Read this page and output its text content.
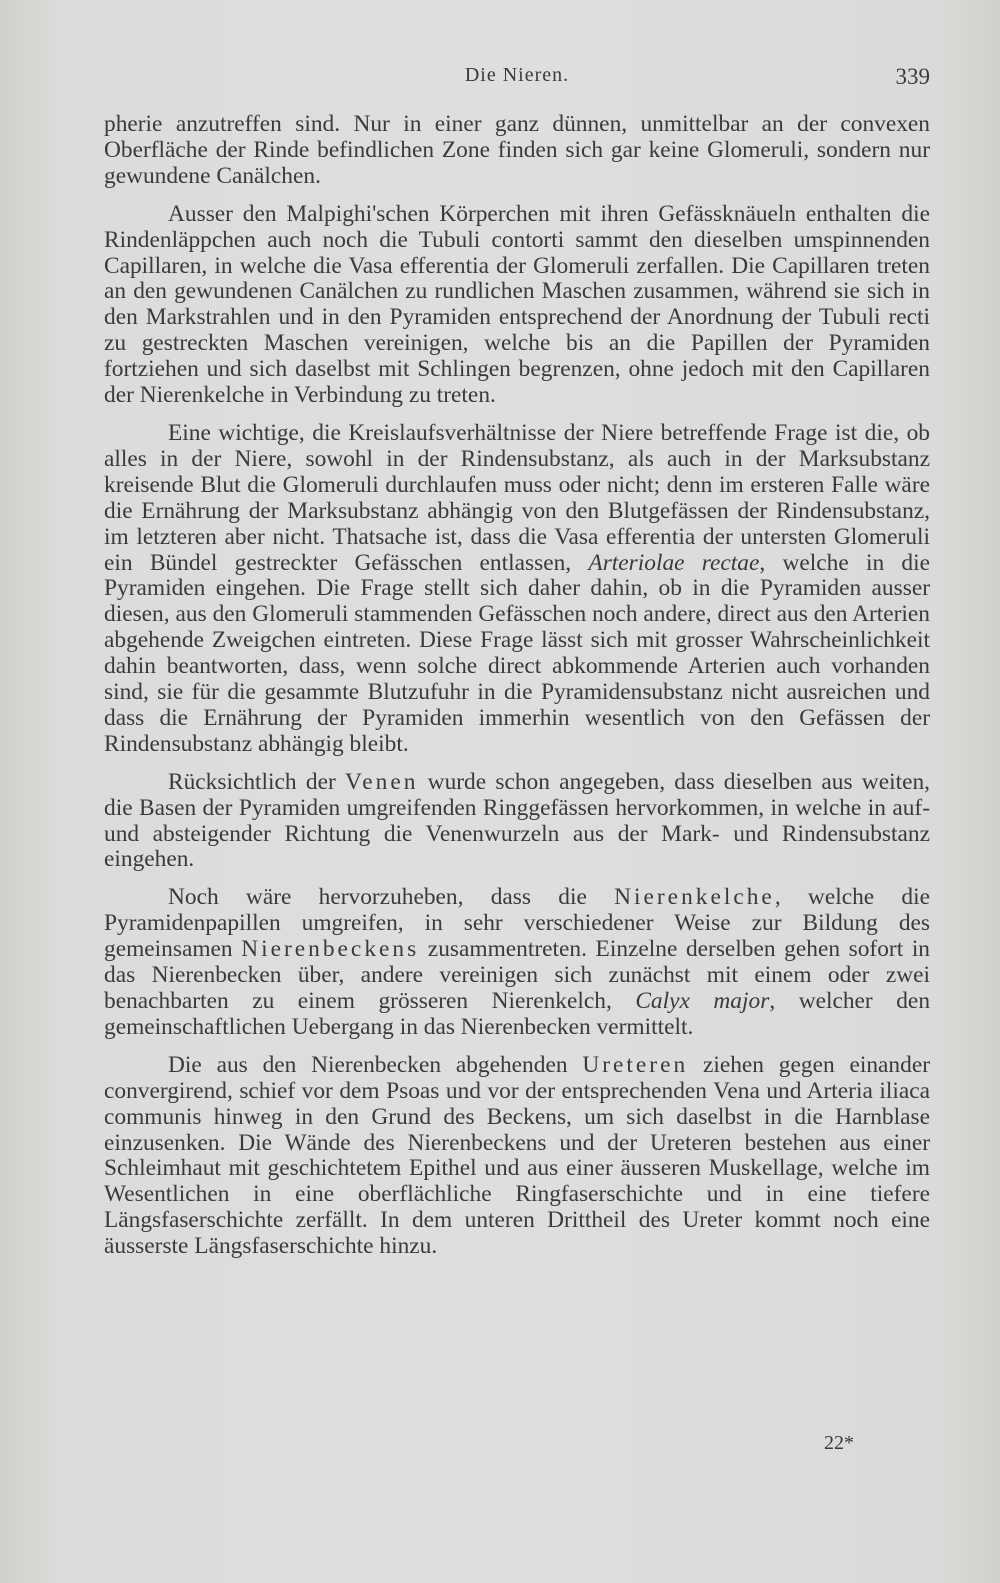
Die Nieren.	339

pherie anzutreffen sind. Nur in einer ganz dünnen, unmittelbar an der convexen Oberfläche der Rinde befindlichen Zone finden sich gar keine Glomeruli, sondern nur gewundene Canälchen.

Ausser den Malpighi'schen Körperchen mit ihren Gefässknäueln enthalten die Rindenläppchen auch noch die Tubuli contorti sammt den dieselben umspinnenden Capillaren, in welche die Vasa efferentia der Glomeruli zerfallen. Die Capillaren treten an den gewundenen Canälchen zu rundlichen Maschen zusammen, während sie sich in den Markstrahlen und in den Pyramiden entsprechend der Anordnung der Tubuli recti zu gestreckten Maschen vereinigen, welche bis an die Papillen der Pyramiden fortziehen und sich daselbst mit Schlingen begrenzen, ohne jedoch mit den Capillaren der Nierenkelche in Verbindung zu treten.

Eine wichtige, die Kreislaufsverhältnisse der Niere betreffende Frage ist die, ob alles in der Niere, sowohl in der Rindensubstanz, als auch in der Marksubstanz kreisende Blut die Glomeruli durchlaufen muss oder nicht; denn im ersteren Falle wäre die Ernährung der Marksubstanz abhängig von den Blutgefässen der Rindensubstanz, im letzteren aber nicht. Thatsache ist, dass die Vasa efferentia der untersten Glomeruli ein Bündel gestreckter Gefässchen entlassen, Arteriolae rectae, welche in die Pyramiden eingehen. Die Frage stellt sich daher dahin, ob in die Pyramiden ausser diesen, aus den Glomeruli stammenden Gefässchen noch andere, direct aus den Arterien abgehende Zweigchen eintreten. Diese Frage lässt sich mit grosser Wahrscheinlichkeit dahin beantworten, dass, wenn solche direct abkommende Arterien auch vorhanden sind, sie für die gesammte Blutzufuhr in die Pyramidensubstanz nicht ausreichen und dass die Ernährung der Pyramiden immerhin wesentlich von den Gefässen der Rindensubstanz abhängig bleibt.

Rücksichtlich der Venen wurde schon angegeben, dass dieselben aus weiten, die Basen der Pyramiden umgreifenden Ringgefässen hervorkommen, in welche in auf- und absteigender Richtung die Venenwurzeln aus der Mark- und Rindensubstanz eingehen.

Noch wäre hervorzuheben, dass die Nierenkelche, welche die Pyramidenpapillen umgreifen, in sehr verschiedener Weise zur Bildung des gemeinsamen Nierenbeckens zusammentreten. Einzelne derselben gehen sofort in das Nierenbecken über, andere vereinigen sich zunächst mit einem oder zwei benachbarten zu einem grösseren Nierenkelch, Calyx major, welcher den gemeinschaftlichen Uebergang in das Nierenbecken vermittelt.

Die aus den Nierenbecken abgehenden Ureteren ziehen gegen einander convergirend, schief vor dem Psoas und vor der entsprechenden Vena und Arteria iliaca communis hinweg in den Grund des Beckens, um sich daselbst in die Harnblase einzusenken. Die Wände des Nierenbeckens und der Ureteren bestehen aus einer Schleimhaut mit geschichtetem Epithel und aus einer äusseren Muskellage, welche im Wesentlichen in eine oberflächliche Ringfaserschichte und in eine tiefere Längsfaserschichte zerfällt. In dem unteren Drittheil des Ureter kommt noch eine äusserste Längsfaserschichte hinzu.

22*
